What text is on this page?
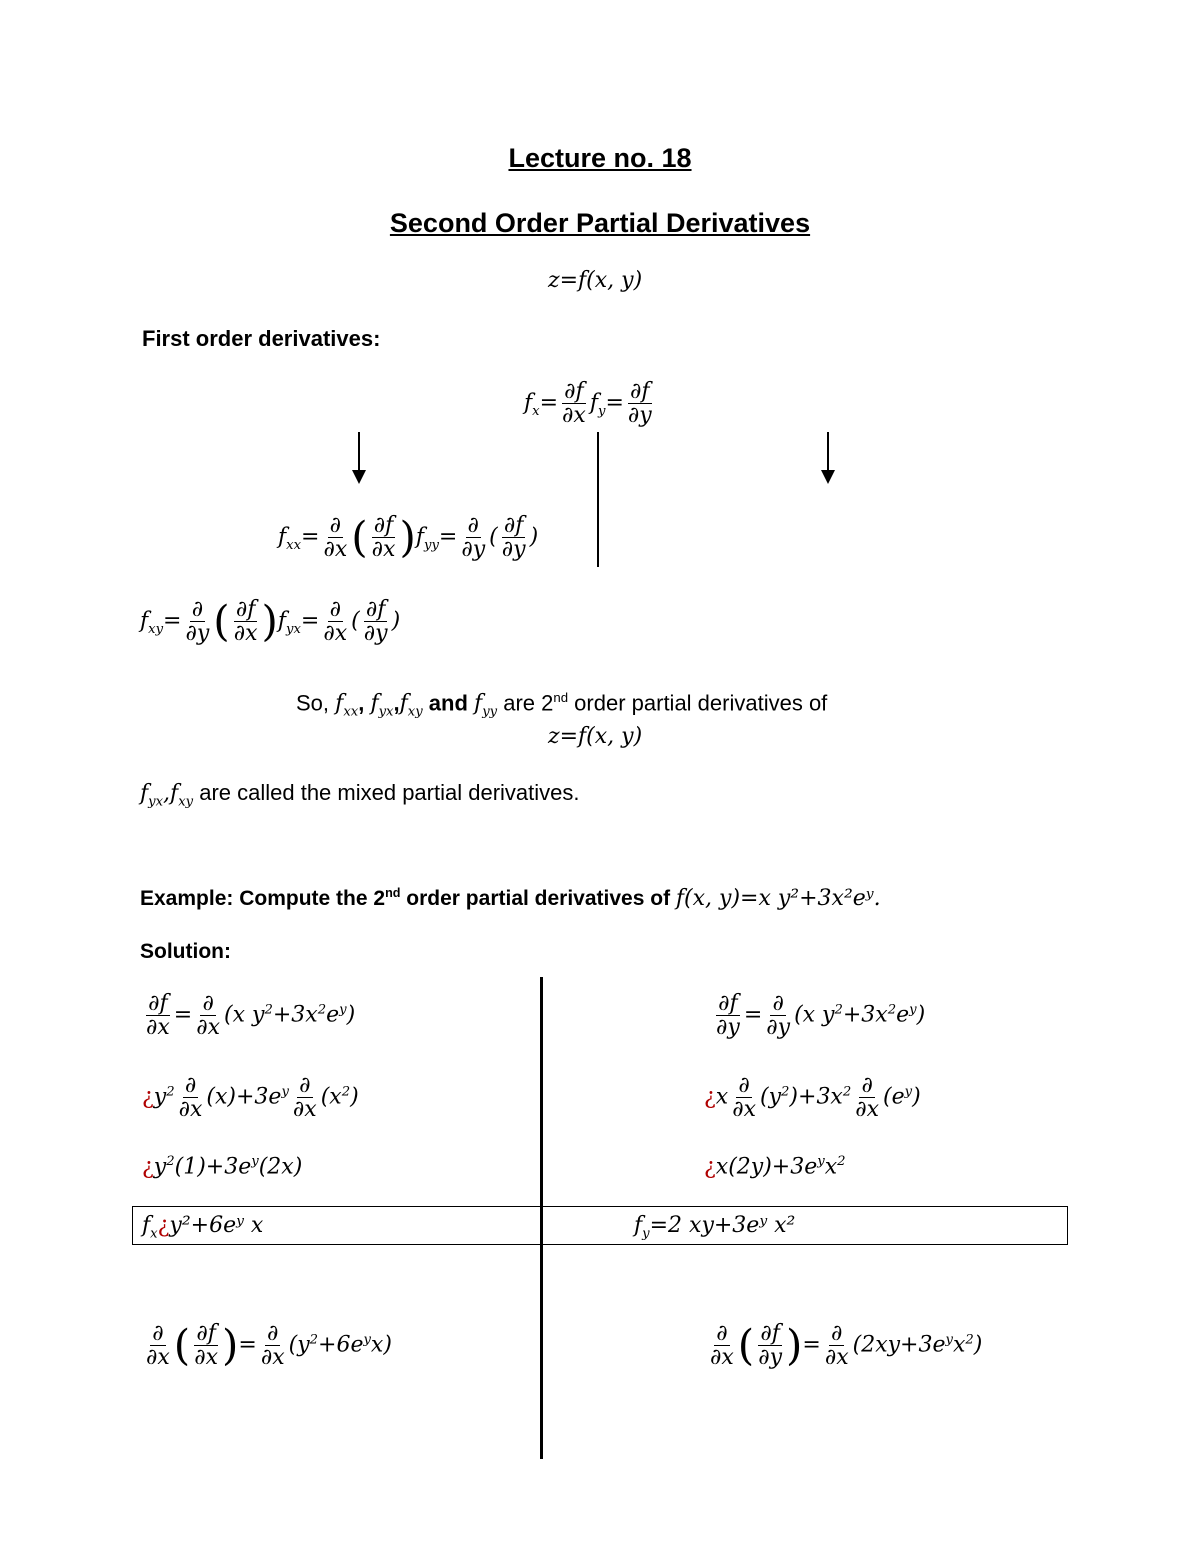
Lecture no. 18
Second Order Partial Derivatives
z=f(x, y)
First order derivatives:
$f_x= \frac{\partial f}{\partial x} f_y= \frac{\partial f}{\partial y}$
$f_{xx}= \frac{\partial}{\partial x}$ ( $\frac{\partial f}{\partial x} )f_{yy}= \frac{\partial}{\partial y}$ ( $\frac{\partial f}{\partial y}$ )
$f_{xy}= \frac{\partial}{\partial y}$ ( $\frac{\partial f}{\partial x} )f_{yx}= \frac{\partial}{\partial x}$ ( $\frac{\partial f}{\partial y}$ )
So, $f_{xx}$, $f_{yx},f_{xy}$ and $f_{yy}$ are 2nd order partial derivatives of
z=f(x, y)
$f_{yx},f_{xy}$ are called the mixed partial derivatives.
Example: Compute the 2nd order partial derivatives of f(x, y)=x y²+3x²eʸ.
Solution:
$\frac{\partial f}{\partial x} = \frac{\partial}{\partial x} (x$ $y^2+3x^2e^y$)
¿$y^2 \frac{\partial}{\partial x} (x)+3e^y \frac{\partial}{\partial x} (x^2)$
¿$y^2(1)+3e^y(2x)$
$\frac{\partial f}{\partial y} = \frac{\partial}{\partial y} (x$ $y^2+3x^2e^y$)
¿$x \frac{\partial}{\partial x} (y^2)+3x^2 \frac{\partial}{\partial x} (e^y)$
¿$x(2y)+3e^yx^2$
$f_x¿y^2+6eʸ$ x	$f_y=2$ xy+3eʸ x²
$\frac{\partial}{\partial x}$ ( $\frac{\partial f}{\partial x}$ )= $\frac{\partial}{\partial x} (y^2+6e^yx)$	$\frac{\partial}{\partial x}$ ( $\frac{\partial f}{\partial y}$ )= $\frac{\partial}{\partial x} (2xy+3e^yx^2)$
